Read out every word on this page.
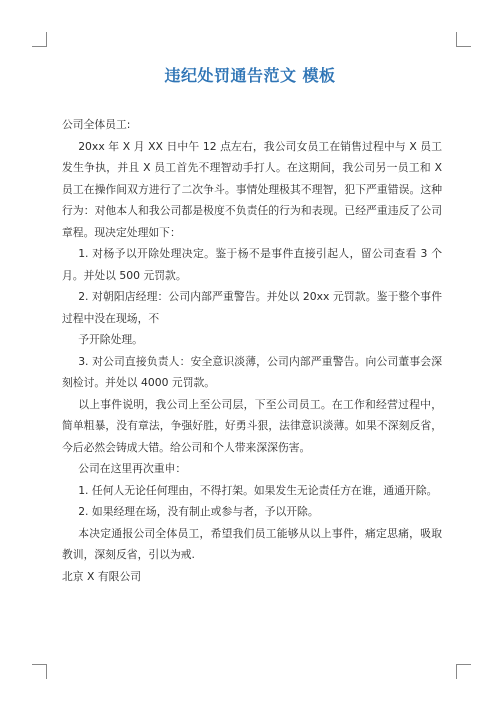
违纪处罚通告范文 模板

公司全体员工:

20xx 年 X 月 XX 日中午 12 点左右，我公司女员工在销售过程中与 X 员工发生争执，并且 X 员工首先不理智动手打人。在这期间，我公司另一员工和 X 员工在操作间双方进行了二次争斗。事情处理极其不理智，犯下严重错误。这种行为：对他本人和我公司都是极度不负责任的行为和表现。已经严重违反了公司章程。现决定处理如下：

1. 对杨予以开除处理决定。鉴于杨不是事件直接引起人，留公司查看 3 个月。并处以 500 元罚款。

2. 对朝阳店经理：公司内部严重警告。并处以 20xx 元罚款。鉴于整个事件过程中没在现场，不

予开除处理。

3. 对公司直接负责人：安全意识淡薄，公司内部严重警告。向公司董事会深刻检讨。并处以 4000 元罚款。

以上事件说明，我公司上至公司层，下至公司员工。在工作和经营过程中，简单粗暴，没有章法，争强好胜，好勇斗狠，法律意识淡薄。如果不深刻反省，今后必然会铸成大错。给公司和个人带来深深伤害。

公司在这里再次重申：

1. 任何人无论任何理由，不得打架。如果发生无论责任方在谁，通通开除。

2. 如果经理在场，没有制止或参与者，予以开除。

本决定通报公司全体员工，希望我们员工能够从以上事件，痛定思痛，吸取教训，深刻反省，引以为戒.

北京 X 有限公司
